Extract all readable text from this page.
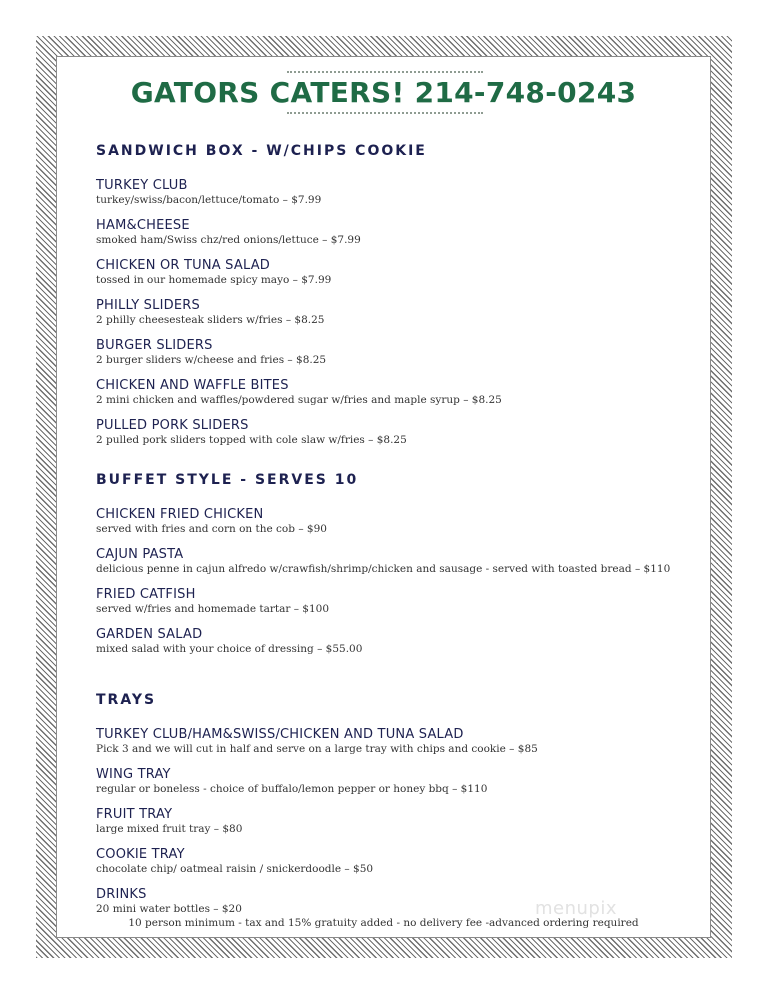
GATORS CATERS! 214-748-0243
SANDWICH BOX - W/CHIPS COOKIE

TURKEY CLUB

turkey/swiss/bacon/lettuce/tomato – $7.99

HAM&CHEESE

smoked ham/Swiss chz/red onions/lettuce – $7.99

CHICKEN OR TUNA SALAD

tossed in our homemade spicy mayo – $7.99

PHILLY SLIDERS

2 philly cheesesteak sliders w/fries – $8.25

BURGER SLIDERS

2 burger sliders w/cheese and fries – $8.25

CHICKEN AND WAFFLE BITES

2 mini chicken and waffles/powdered sugar w/fries and maple syrup – $8.25

PULLED PORK SLIDERS

2 pulled pork sliders topped with cole slaw w/fries – $8.25

BUFFET STYLE - SERVES 10

CHICKEN FRIED CHICKEN

served with fries and corn on the cob – $90

CAJUN PASTA

delicious penne in cajun alfredo w/crawfish/shrimp/chicken and sausage - served with toasted bread – $110

FRIED CATFISH

served w/fries and homemade tartar – $100

GARDEN SALAD

mixed salad with your choice of dressing – $55.00

TRAYS

TURKEY CLUB/HAM&SWISS/CHICKEN AND TUNA SALAD

Pick 3 and we will cut in half and serve on a large tray with chips and cookie – $85

WING TRAY

regular or boneless - choice of buffalo/lemon pepper or honey bbq – $110

FRUIT TRAY

large mixed fruit tray – $80

COOKIE TRAY

chocolate chip/ oatmeal raisin / snickerdoodle – $50

DRINKS

20 mini water bottles – $20

10 person minimum - tax and 15% gratuity added - no delivery fee -advanced ordering required

menupix
